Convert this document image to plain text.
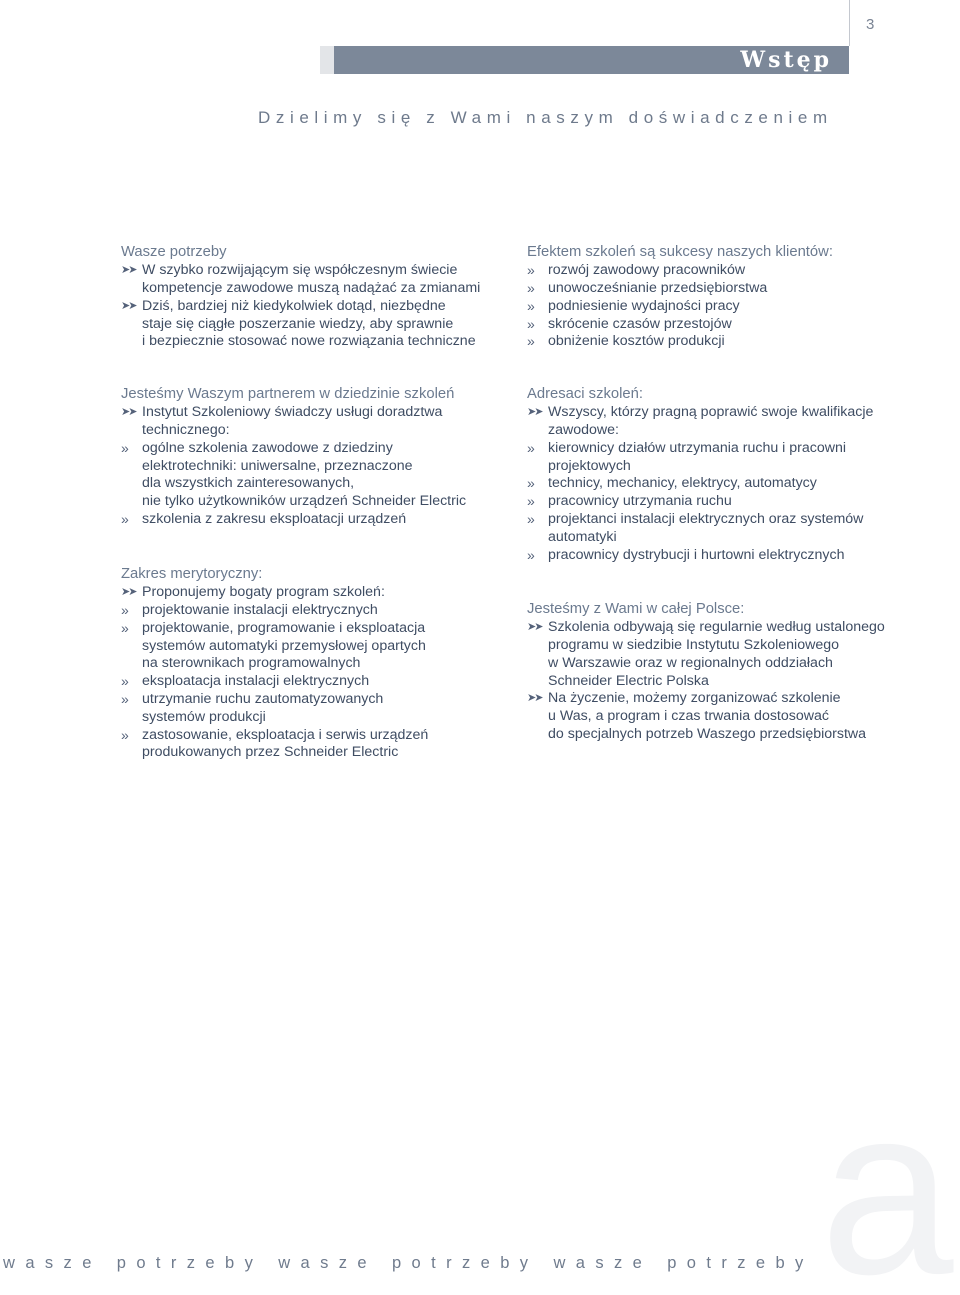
a
3
Wstęp
Dzielimy się z Wami naszym doświadczeniem
Wasze potrzeby
➤➤ W szybko rozwijającym się współczesnym świecie
kompetencje zawodowe muszą nadążać za zmianami
➤➤ Dziś, bardziej niż kiedykolwiek dotąd, niezbędne
staje się ciągłe poszerzanie wiedzy, aby sprawnie
i bezpiecznie stosować nowe rozwiązania techniczne
Efektem szkoleń są sukcesy naszych klientów:
»	rozwój zawodowy pracowników
»	unowocześnianie przedsiębiorstwa
»	podniesienie wydajności pracy
»	skrócenie czasów przestojów
»	obniżenie kosztów produkcji
Jesteśmy Waszym partnerem w dziedzinie szkoleń
➤➤ Instytut Szkoleniowy świadczy usługi doradztwa
technicznego:
»	ogólne szkolenia zawodowe z dziedziny
elektrotechniki: uniwersalne, przeznaczone
dla wszystkich zainteresowanych,
nie tylko użytkowników urządzeń Schneider Electric
»	szkolenia z zakresu eksploatacji urządzeń
Adresaci szkoleń:
➤➤ Wszyscy, którzy pragną poprawić swoje kwalifikacje
zawodowe:
»	kierownicy działów utrzymania ruchu i pracowni
projektowych
»	technicy, mechanicy, elektrycy, automatycy
»	pracownicy utrzymania ruchu
»	projektanci instalacji elektrycznych oraz systemów
automatyki
»	pracownicy dystrybucji i hurtowni elektrycznych
Zakres merytoryczny:
➤➤ Proponujemy bogaty program szkoleń:
»	projektowanie instalacji elektrycznych
»	projektowanie, programowanie i eksploatacja
systemów automatyki przemysłowej opartych
na sterownikach programowalnych
»	eksploatacja instalacji elektrycznych
»	utrzymanie ruchu zautomatyzowanych
systemów produkcji
»	zastosowanie, eksploatacja i serwis urządzeń
produkowanych przez Schneider Electric
Jesteśmy z Wami w całej Polsce:
➤➤ Szkolenia odbywają się regularnie według ustalonego
programu w siedzibie Instytutu Szkoleniowego
w Warszawie oraz w regionalnych oddziałach
Schneider Electric Polska
➤➤ Na życzenie, możemy zorganizować szkolenie
u Was, a program i czas trwania dostosować
do specjalnych potrzeb Waszego przedsiębiorstwa
wasze potrzeby wasze potrzeby wasze potrzeby
